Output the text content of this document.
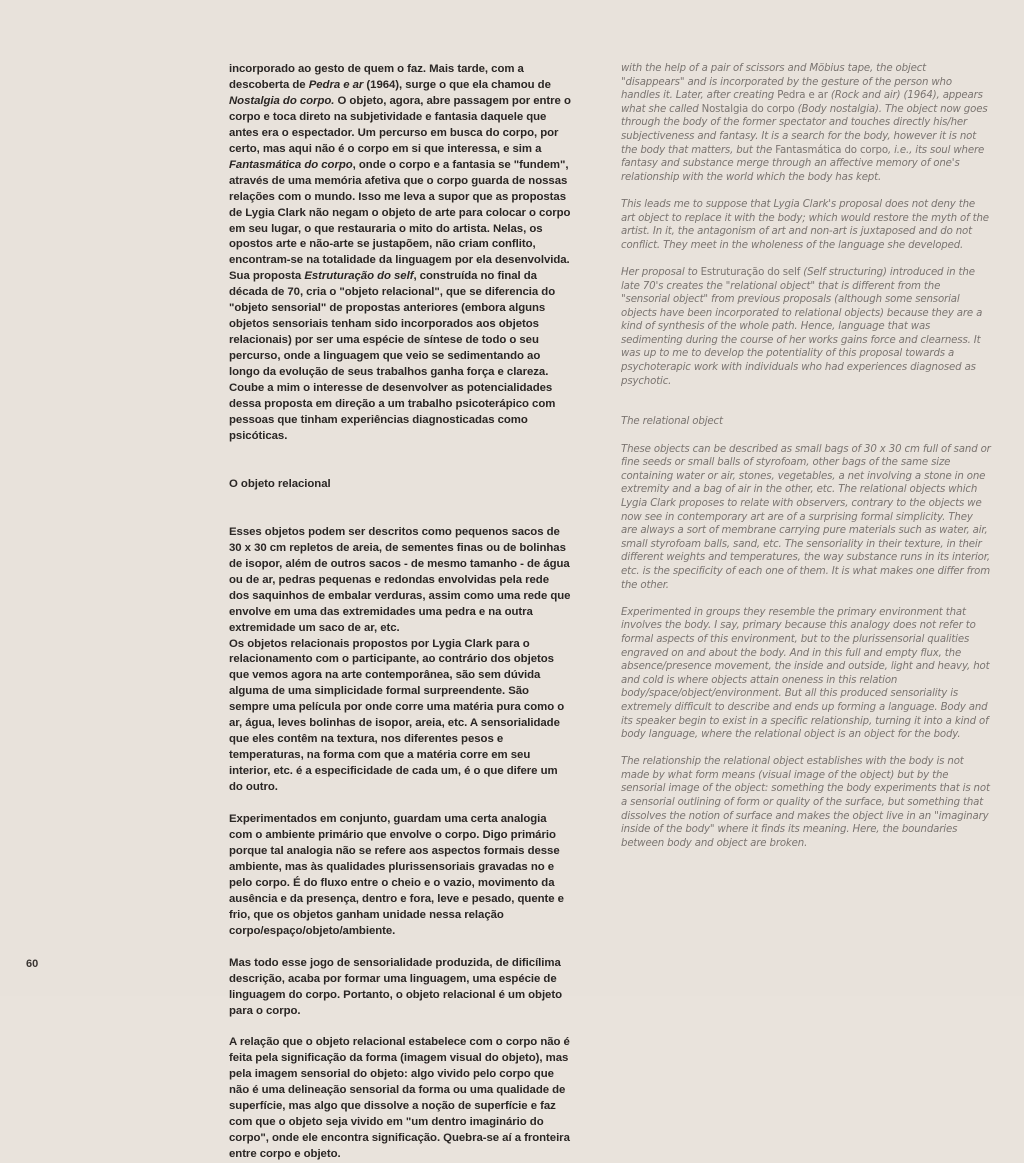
incorporado ao gesto de quem o faz. Mais tarde, com a descoberta de Pedra e ar (1964), surge o que ela chamou de Nostalgia do corpo. O objeto, agora, abre passagem por entre o corpo e toca direto na subjetividade e fantasia daquele que antes era o espectador. Um percurso em busca do corpo, por certo, mas aqui não é o corpo em si que interessa, e sim a Fantasmática do corpo, onde o corpo e a fantasia se "fundem", através de uma memória afetiva que o corpo guarda de nossas relações com o mundo. Isso me leva a supor que as propostas de Lygia Clark não negam o objeto de arte para colocar o corpo em seu lugar, o que restauraria o mito do artista. Nelas, os opostos arte e não-arte se justapõem, não criam conflito, encontram-se na totalidade da linguagem por ela desenvolvida.

Sua proposta Estruturação do self, construída no final da década de 70, cria o "objeto relacional", que se diferencia do "objeto sensorial" de propostas anteriores (embora alguns objetos sensoriais tenham sido incorporados aos objetos relacionais) por ser uma espécie de síntese de todo o seu percurso, onde a linguagem que veio se sedimentando ao longo da evolução de seus trabalhos ganha força e clareza. Coube a mim o interesse de desenvolver as potencialidades dessa proposta em direção a um trabalho psicoterápico com pessoas que tinham experiências diagnosticadas como psicóticas.

O objeto relacional

Esses objetos podem ser descritos como pequenos sacos de 30 x 30 cm repletos de areia, de sementes finas ou de bolinhas de isopor, além de outros sacos - de mesmo tamanho - de água ou de ar, pedras pequenas e redondas envolvidas pela rede dos saquinhos de embalar verduras, assim como uma rede que envolve em uma das extremidades uma pedra e na outra extremidade um saco de ar, etc.

Os objetos relacionais propostos por Lygia Clark para o relacionamento com o participante, ao contrário dos objetos que vemos agora na arte contemporânea, são sem dúvida alguma de uma simplicidade formal surpreendente. São sempre uma película por onde corre uma matéria pura como o ar, água, leves bolinhas de isopor, areia, etc. A sensorialidade que eles contêm na textura, nos diferentes pesos e temperaturas, na forma com que a matéria corre em seu interior, etc. é a especificidade de cada um, é o que difere um do outro.

Experimentados em conjunto, guardam uma certa analogia com o ambiente primário que envolve o corpo. Digo primário porque tal analogia não se refere aos aspectos formais desse ambiente, mas às qualidades plurissensoriais gravadas no e pelo corpo. É do fluxo entre o cheio e o vazio, movimento da ausência e da presença, dentro e fora, leve e pesado, quente e frio, que os objetos ganham unidade nessa relação corpo/espaço/objeto/ambiente.

Mas todo esse jogo de sensorialidade produzida, de dificílima descrição, acaba por formar uma linguagem, uma espécie de linguagem do corpo. Portanto, o objeto relacional é um objeto para o corpo.

A relação que o objeto relacional estabelece com o corpo não é feita pela significação da forma (imagem visual do objeto), mas pela imagem sensorial do objeto: algo vivido pelo corpo que não é uma delineação sensorial da forma ou uma qualidade de superfície, mas algo que dissolve a noção de superfície e faz com que o objeto seja vivido em "um dentro imaginário do corpo", onde ele encontra significação. Quebra-se aí a fronteira entre corpo e objeto.

with the help of a pair of scissors and Möbius tape, the object "disappears" and is incorporated by the gesture of the person who handles it. Later, after creating Pedra e ar (Rock and air) (1964), appears what she called Nostalgia do corpo (Body nostalgia). The object now goes through the body of the former spectator and touches directly his/her subjectiveness and fantasy. It is a search for the body, however it is not the body that matters, but the Fantasmática do corpo, i.e., its soul where fantasy and substance merge through an affective memory of one's relationship with the world which the body has kept.

This leads me to suppose that Lygia Clark's proposal does not deny the art object to replace it with the body; which would restore the myth of the artist. In it, the antagonism of art and non-art is juxtaposed and do not conflict. They meet in the wholeness of the language she developed.

Her proposal to Estruturação do self (Self structuring) introduced in the late 70's creates the "relational object" that is different from the "sensorial object" from previous proposals (although some sensorial objects have been incorporated to relational objects) because they are a kind of synthesis of the whole path. Hence, language that was sedimenting during the course of her works gains force and clearness. It was up to me to develop the potentiality of this proposal towards a psychoterapic work with individuals who had experiences diagnosed as psychotic.

The relational object

These objects can be described as small bags of 30 x 30 cm full of sand or fine seeds or small balls of styrofoam, other bags of the same size containing water or air, stones, vegetables, a net involving a stone in one extremity and a bag of air in the other, etc. The relational objects which Lygia Clark proposes to relate with observers, contrary to the objects we now see in contemporary art are of a surprising formal simplicity. They are always a sort of membrane carrying pure materials such as water, air, small styrofoam balls, sand, etc. The sensoriality in their texture, in their different weights and temperatures, the way substance runs in its interior, etc. is the specificity of each one of them. It is what makes one differ from the other.

Experimented in groups they resemble the primary environment that involves the body. I say, primary because this analogy does not refer to formal aspects of this environment, but to the plurissensorial qualities engraved on and about the body. And in this full and empty flux, the absence/presence movement, the inside and outside, light and heavy, hot and cold is where objects attain oneness in this relation body/space/object/environment. But all this produced sensoriality is extremely difficult to describe and ends up forming a language. Body and its speaker begin to exist in a specific relationship, turning it into a kind of body language, where the relational object is an object for the body.

The relationship the relational object establishes with the body is not made by what form means (visual image of the object) but by the sensorial image of the object: something the body experiments that is not a sensorial outlining of form or quality of the surface, but something that dissolves the notion of surface and makes the object live in an "imaginary inside of the body" where it finds its meaning. Here, the boundaries between body and object are broken.

60
